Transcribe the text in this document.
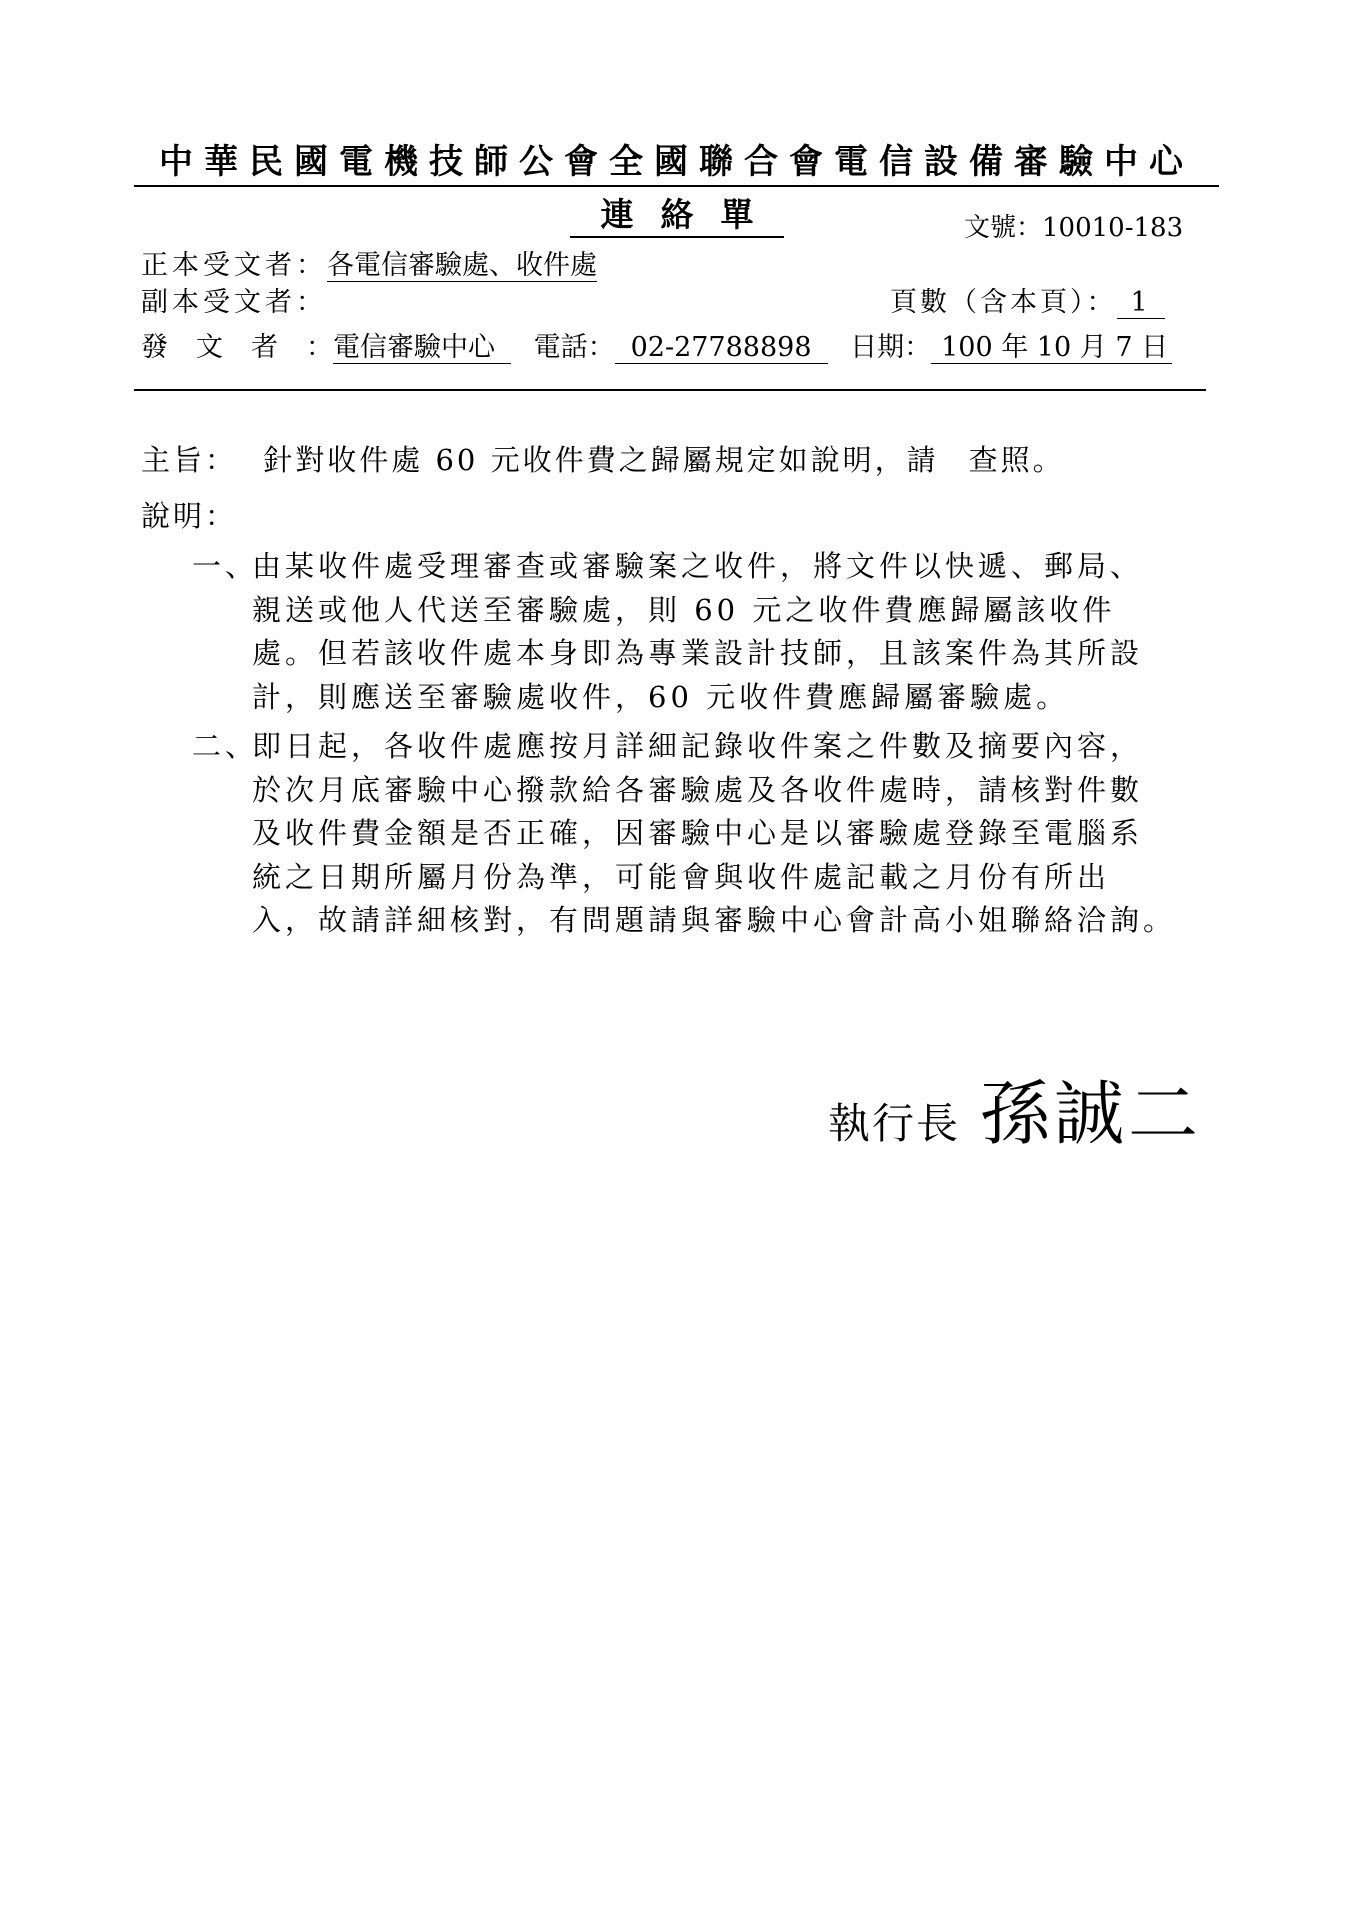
中華民國電機技師公會全國聯合會電信設備審驗中心
連絡單	文號：10010-183
正本受文者：各電信審驗處、收件處
副本受文者：	頁數（含本頁）： 1
發文者：電信審驗中心 電話： 02-27788898 日期： 100 年 10 月 7 日
主旨： 針對收件處 60 元收件費之歸屬規定如說明，請 查照。
說明：
一、
由某收件處受理審查或審驗案之收件，將文件以快遞、郵局、
親送或他人代送至審驗處，則 60 元之收件費應歸屬該收件
處。但若該收件處本身即為專業設計技師，且該案件為其所設
計，則應送至審驗處收件，60 元收件費應歸屬審驗處。
二、
即日起，各收件處應按月詳細記錄收件案之件數及摘要內容，
於次月底審驗中心撥款給各審驗處及各收件處時，請核對件數
及收件費金額是否正確，因審驗中心是以審驗處登錄至電腦系
統之日期所屬月份為準，可能會與收件處記載之月份有所出
入，故請詳細核對，有問題請與審驗中心會計高小姐聯絡洽詢。
執行長 孫誠二
